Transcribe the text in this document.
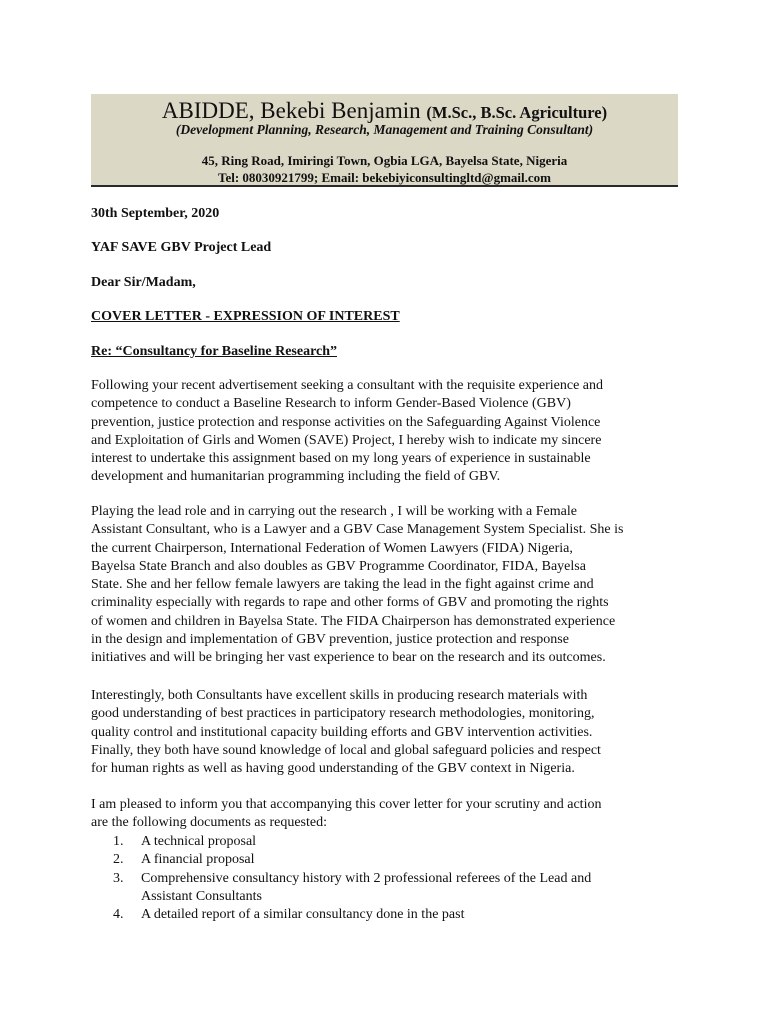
ABIDDE, Bekebi Benjamin (M.Sc., B.Sc. Agriculture)
(Development Planning, Research, Management and Training Consultant)
45, Ring Road, Imiringi Town, Ogbia LGA, Bayelsa State, Nigeria
Tel: 08030921799; Email: bekebiyiconsultingltd@gmail.com
30th September, 2020
YAF SAVE GBV Project Lead
Dear Sir/Madam,
COVER LETTER - EXPRESSION OF INTEREST
Re: “Consultancy for Baseline Research”
Following your recent advertisement seeking a consultant with the requisite experience and
competence to conduct a Baseline Research to inform Gender-Based Violence (GBV)
prevention, justice protection and response activities on the Safeguarding Against Violence
and Exploitation of Girls and Women (SAVE) Project, I hereby wish to indicate my sincere
interest to undertake this assignment based on my long years of experience in sustainable
development and humanitarian programming including the field of GBV.
Playing the lead role and in carrying out the research , I will be working with a Female
Assistant Consultant, who is a Lawyer and a GBV Case Management System Specialist. She is
the current Chairperson, International Federation of Women Lawyers (FIDA) Nigeria,
Bayelsa State Branch and also doubles as GBV Programme Coordinator, FIDA, Bayelsa
State. She and her fellow female lawyers are taking the lead in the fight against crime and
criminality especially with regards to rape and other forms of GBV and promoting the rights
of women and children in Bayelsa State. The FIDA Chairperson has demonstrated experience
in the design and implementation of GBV prevention, justice protection and response
initiatives and will be bringing her vast experience to bear on the research and its outcomes.
Interestingly, both Consultants have excellent skills in producing research materials with
good understanding of best practices in participatory research methodologies, monitoring,
quality control and institutional capacity building efforts and GBV intervention activities.
Finally, they both have sound knowledge of local and global safeguard policies and respect
for human rights as well as having good understanding of the GBV context in Nigeria.
I am pleased to inform you that accompanying this cover letter for your scrutiny and action
are the following documents as requested:
1. A technical proposal
2. A financial proposal
3. Comprehensive consultancy history with 2 professional referees of the Lead and
Assistant Consultants
4. A detailed report of a similar consultancy done in the past
